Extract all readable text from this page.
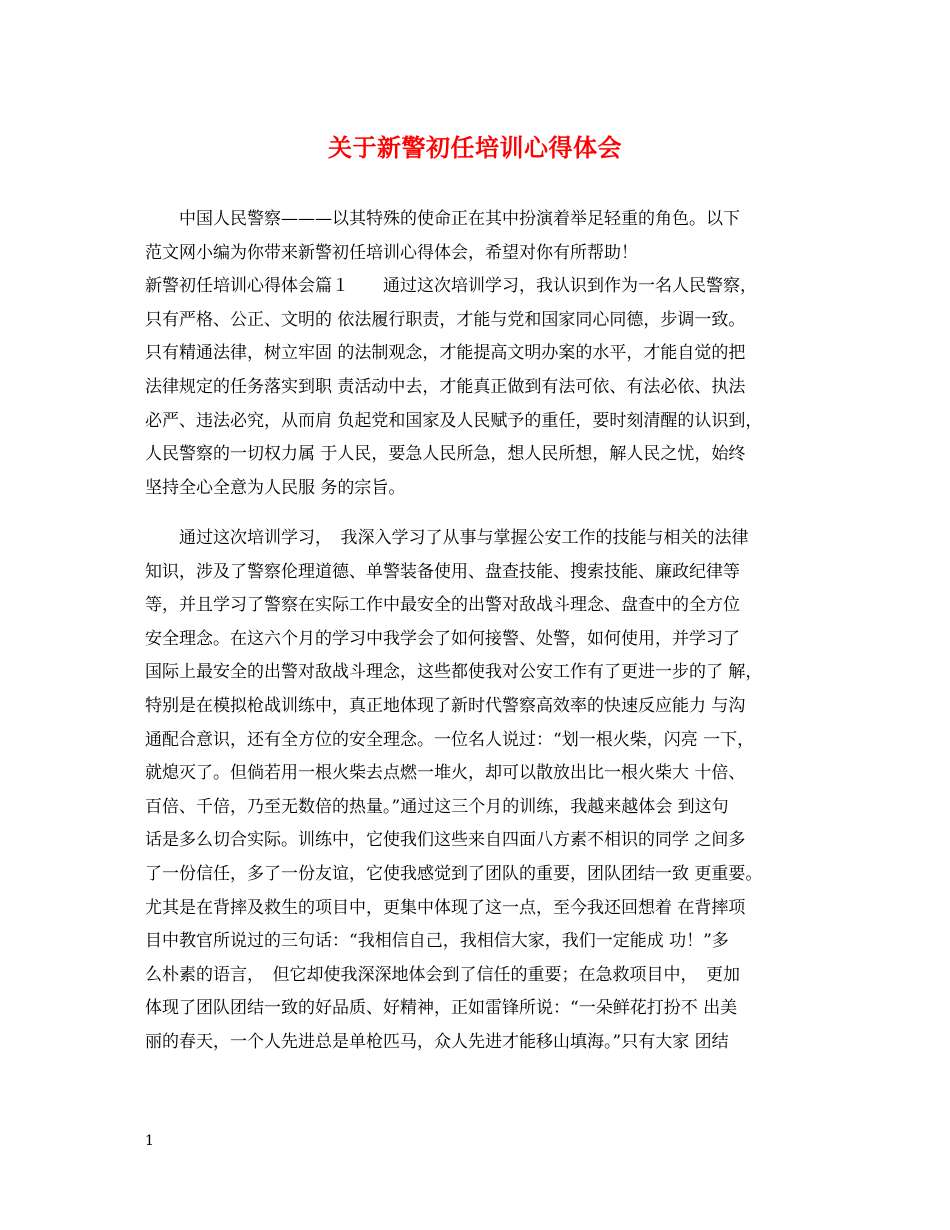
关于新警初任培训心得体会
　　中国人民警察———以其特殊的使命正在其中扮演着举足轻重的角色。以下
范文网小编为你带来新警初任培训心得体会，希望对你有所帮助！
新警初任培训心得体会篇１　　通过这次培训学习，我认识到作为一名人民警察，
只有严格、公正、文明的 依法履行职责，才能与党和国家同心同德，步调一致。
只有精通法律，树立牢固 的法制观念，才能提高文明办案的水平，才能自觉的把
法律规定的任务落实到职 责活动中去，才能真正做到有法可依、有法必依、执法
必严、违法必究，从而肩 负起党和国家及人民赋予的重任，要时刻清醒的认识到，
人民警察的一切权力属 于人民，要急人民所急，想人民所想，解人民之忧，始终
坚持全心全意为人民服 务的宗旨。
　　通过这次培训学习，　我深入学习了从事与掌握公安工作的技能与相关的法律
知识，涉及了警察伦理道德、单警装备使用、盘查技能、搜索技能、廉政纪律等
等，并且学习了警察在实际工作中最安全的出警对敌战斗理念、盘查中的全方位
安全理念。在这六个月的学习中我学会了如何接警、处警，如何使用，并学习了
国际上最安全的出警对敌战斗理念，这些都使我对公安工作有了更进一步的了 解，
特别是在模拟枪战训练中，真正地体现了新时代警察高效率的快速反应能力 与沟
通配合意识，还有全方位的安全理念。一位名人说过：“划一根火柴，闪亮 一下，
就熄灭了。但倘若用一根火柴去点燃一堆火，却可以散放出比一根火柴大 十倍、
百倍、千倍，乃至无数倍的热量。”通过这三个月的训练，我越来越体会 到这句
话是多么切合实际。训练中，它使我们这些来自四面八方素不相识的同学 之间多
了一份信任，多了一份友谊，它使我感觉到了团队的重要，团队团结一致 更重要。
尤其是在背摔及救生的项目中，更集中体现了这一点，至今我还回想着 在背摔项
目中教官所说过的三句话：“我相信自己，我相信大家，我们一定能成 功！”多
么朴素的语言，　但它却使我深深地体会到了信任的重要；在急救项目中，　更加
体现了团队团结一致的好品质、好精神，正如雷锋所说：“一朵鲜花打扮不 出美
丽的春天，一个人先进总是单枪匹马，众人先进才能移山填海。”只有大家 团结
1
